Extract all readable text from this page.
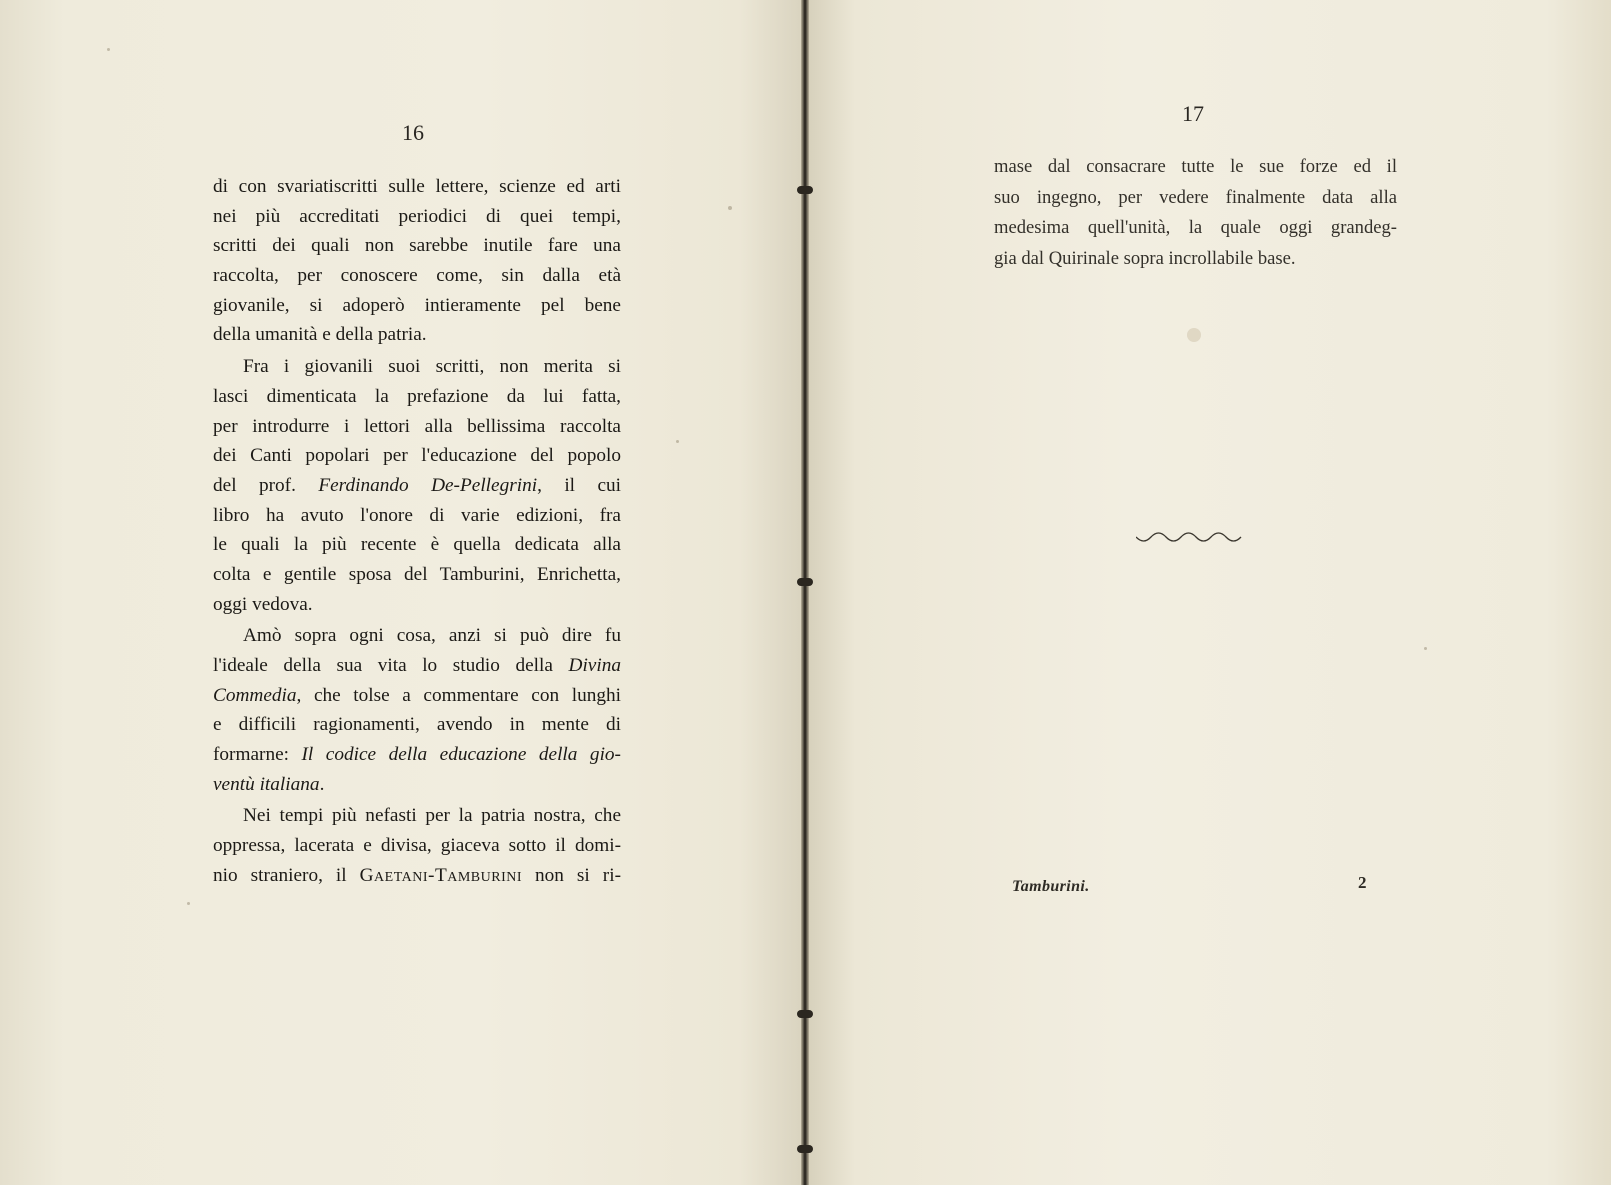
16
di con svariatiscritti sulle lettere, scienze ed arti
nei più accreditati periodici di quei tempi,
scritti dei quali non sarebbe inutile fare una
raccolta, per conoscere come, sin dalla età
giovanile, si adoperò intieramente pel bene
della umanità e della patria.
Fra i giovanili suoi scritti, non merita si
lasci dimenticata la prefazione da lui fatta,
per introdurre i lettori alla bellissima raccolta
dei Canti popolari per l'educazione del popolo
del prof. Ferdinando De-Pellegrini, il cui
libro ha avuto l'onore di varie edizioni, fra
le quali la più recente è quella dedicata alla
colta e gentile sposa del Tamburini, Enrichetta,
oggi vedova.
Amò sopra ogni cosa, anzi si può dire fu
l'ideale della sua vita lo studio della Divina
Commedia, che tolse a commentare con lunghi
e difficili ragionamenti, avendo in mente di
formarne: Il codice della educazione della gio-
ventù italiana.
Nei tempi più nefasti per la patria nostra, che
oppressa, lacerata e divisa, giaceva sotto il domi-
nio straniero, il Gaetani-Tamburini non si ri-
17
mase dal consacrare tutte le sue forze ed il
suo ingegno, per vedere finalmente data alla
medesima quell'unità, la quale oggi grandeg-
gia dal Quirinale sopra incrollabile base.
Tamburini.	2
